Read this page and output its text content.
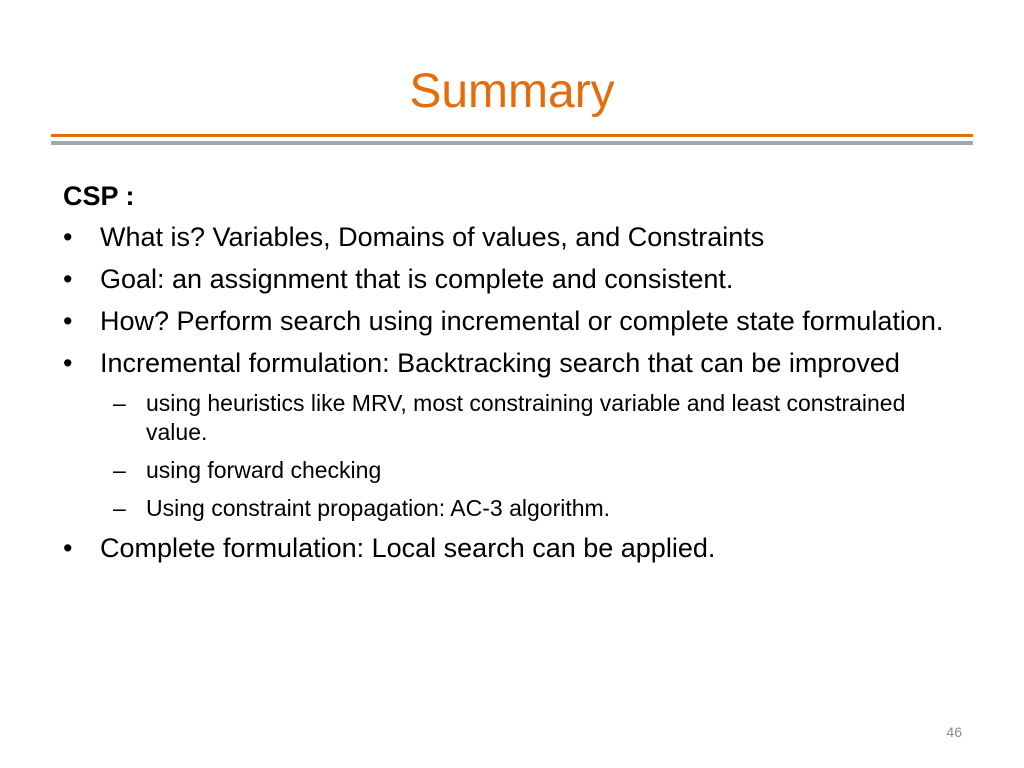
Summary
CSP :
• What is? Variables, Domains of values, and Constraints
• Goal: an assignment that is complete and consistent.
• How? Perform search using incremental or complete state formulation.
• Incremental formulation: Backtracking search that can be improved
– using heuristics like MRV, most constraining variable and least constrained value.
– using forward checking
– Using constraint propagation: AC-3 algorithm.
• Complete formulation: Local search can be applied.
46
